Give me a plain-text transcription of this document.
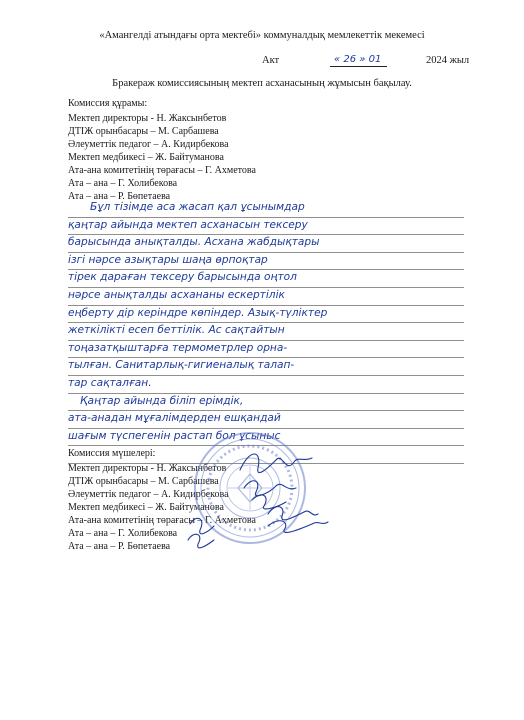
«Амангелді атындағы орта мектебі» коммуналдық мемлекеттік мекемесі
Акт	« 26 » 01	2024 жыл
Бракераж комиссиясының мектеп асханасының жұмысын бақылау.
Комиссия құрамы:
Мектеп директоры - Н. Жаксынбетов
ДТІЖ орынбасары – М. Сарбашева
Әлеуметтік педагог – А. Кидирбекова
Мектеп медбикесі – Ж. Байтуманова
Ата-ана комитетінің төрағасы – Г. Ахметова
Ата – ана – Г. Холибекова
Ата – ана – Р. Бөпетаева
Бұл тізімде аса жасап қал ұсынымдар
қаңтар айында мектеп асханасын тексеру
барысында анықталды. Асхана жабдықтары
ізгі нәрсе азықтары шаңа өрпоқтар
тірек дараған тексеру барысында оңтол
нәрсе анықталды асхананы ескертілік
еңберту дір керіндре көпіндер. Азық-түліктер
жеткілікті есеп беттілік. Ас сақтайтын
тоңазатқыштарға термометрлер орна-
тылған. Санитарлық-гигиеналық талап-
тар сақталған.
Қаңтар айында біліп ерімдік,
ата-анадан мұғалімдерден ешқандай
шағым түспегенін растап бол ұсыныс
Комиссия мүшелері:
Мектеп директоры - Н. Жаксынбетов
ДТІЖ орынбасары – М. Сарбашева
Әлеуметтік педагог – А. Кидирбекова
Мектеп медбикесі – Ж. Байтуманова
Ата-ана комитетінің төрағасы – Г. Ахметова
Ата – ана – Г. Холибекова
Ата – ана – Р. Бөпетаева
